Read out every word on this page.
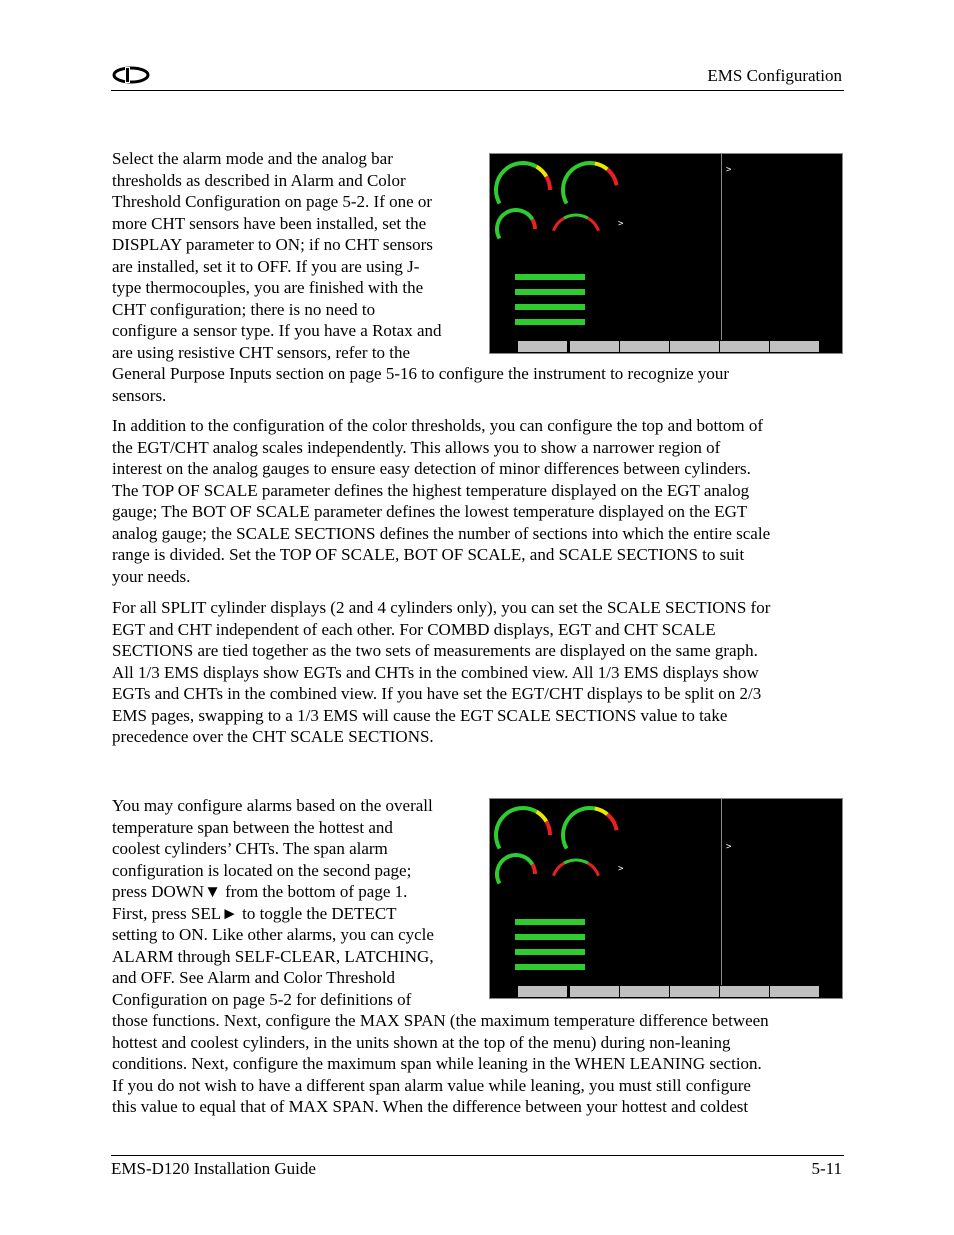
EMS Configuration
Select the alarm mode and the analog bar
thresholds as described in Alarm and Color
Threshold Configuration on page 5-2. If one or
more CHT sensors have been installed, set the
DISPLAY parameter to ON; if no CHT sensors
are installed, set it to OFF. If you are using J-
type thermocouples, you are finished with the
CHT configuration; there is no need to
configure a sensor type. If you have a Rotax and
are using resistive CHT sensors, refer to the
General Purpose Inputs section on page 5-16 to configure the instrument to recognize your
sensors.
In addition to the configuration of the color thresholds, you can configure the top and bottom of
the EGT/CHT analog scales independently. This allows you to show a narrower region of
interest on the analog gauges to ensure easy detection of minor differences between cylinders.
The TOP OF SCALE parameter defines the highest temperature displayed on the EGT analog
gauge; The BOT OF SCALE parameter defines the lowest temperature displayed on the EGT
analog gauge; the SCALE SECTIONS defines the number of sections into which the entire scale
range is divided. Set the TOP OF SCALE, BOT OF SCALE, and SCALE SECTIONS to suit
your needs.
For all SPLIT cylinder displays (2 and 4 cylinders only), you can set the SCALE SECTIONS for
EGT and CHT independent of each other. For COMBD displays, EGT and CHT SCALE
SECTIONS are tied together as the two sets of measurements are displayed on the same graph.
All 1/3 EMS displays show EGTs and CHTs in the combined view. All 1/3 EMS displays show
EGTs and CHTs in the combined view. If you have set the EGT/CHT displays to be split on 2/3
EMS pages, swapping to a 1/3 EMS will cause the EGT SCALE SECTIONS value to take
precedence over the CHT SCALE SECTIONS.
You may configure alarms based on the overall
temperature span between the hottest and
coolest cylinders’ CHTs. The span alarm
configuration is located on the second page;
press DOWN▼ from the bottom of page 1.
First, press SEL► to toggle the DETECT
setting to ON. Like other alarms, you can cycle
ALARM through SELF-CLEAR, LATCHING,
and OFF. See Alarm and Color Threshold
Configuration on page 5-2 for definitions of
those functions. Next, configure the MAX SPAN (the maximum temperature difference between
hottest and coolest cylinders, in the units shown at the top of the menu) during non-leaning
conditions. Next, configure the maximum span while leaning in the WHEN LEANING section.
If you do not wish to have a different span alarm value while leaning, you must still configure
this value to equal that of MAX SPAN. When the difference between your hottest and coldest
>
>
>
>
EMS-D120 Installation Guide	5-11
